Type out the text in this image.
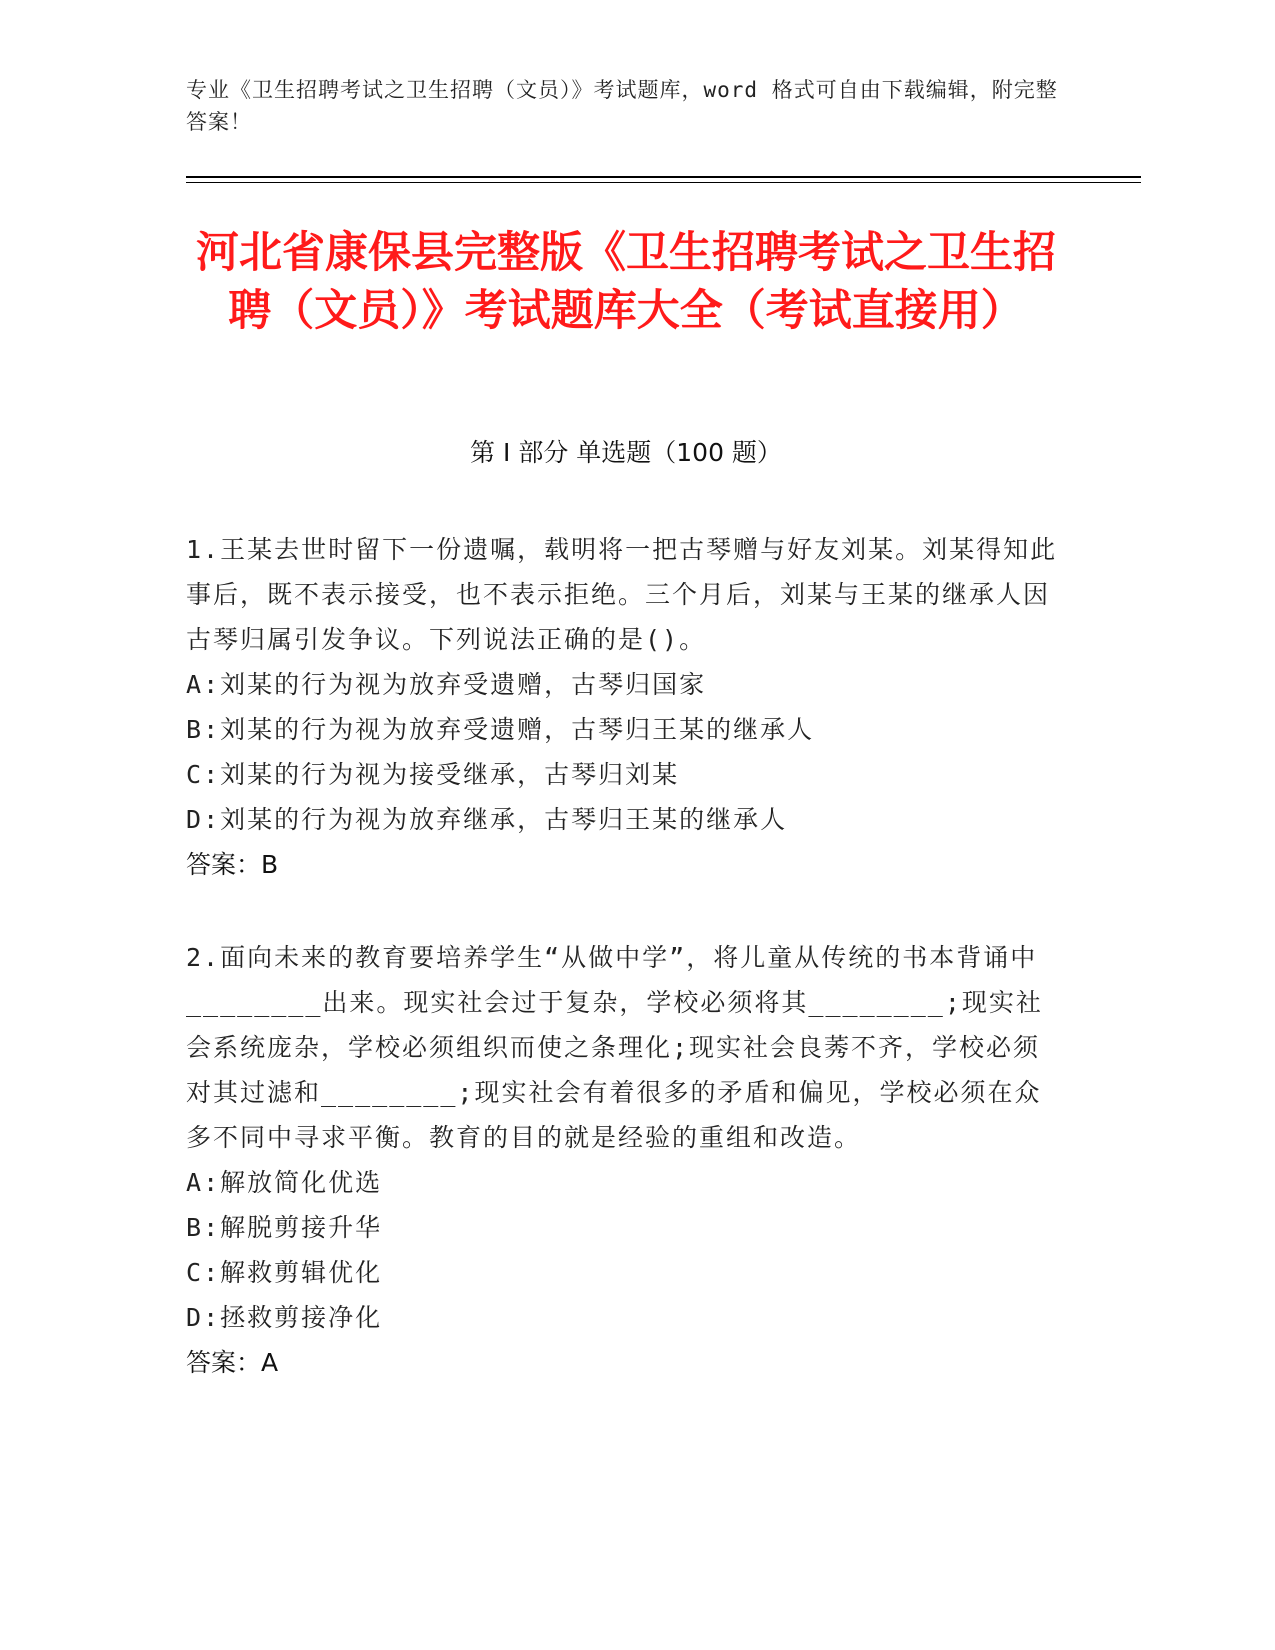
专业《卫生招聘考试之卫生招聘（文员）》考试题库，word 格式可自由下载编辑，附完整答案！
河北省康保县完整版《卫生招聘考试之卫生招聘（文员）》考试题库大全（考试直接用）
第 I 部分 单选题（100 题）

1.王某去世时留下一份遗嘱，载明将一把古琴赠与好友刘某。刘某得知此事后，既不表示接受，也不表示拒绝。三个月后，刘某与王某的继承人因古琴归属引发争议。下列说法正确的是()。

A:刘某的行为视为放弃受遗赠，古琴归国家

B:刘某的行为视为放弃受遗赠，古琴归王某的继承人

C:刘某的行为视为接受继承，古琴归刘某

D:刘某的行为视为放弃继承，古琴归王某的继承人

答案：B

2.面向未来的教育要培养学生“从做中学”，将儿童从传统的书本背诵中________出来。现实社会过于复杂，学校必须将其________;现实社会系统庞杂，学校必须组织而使之条理化;现实社会良莠不齐，学校必须对其过滤和________;现实社会有着很多的矛盾和偏见，学校必须在众多不同中寻求平衡。教育的目的就是经验的重组和改造。

A:解放简化优选

B:解脱剪接升华

C:解救剪辑优化

D:拯救剪接净化

答案：A
